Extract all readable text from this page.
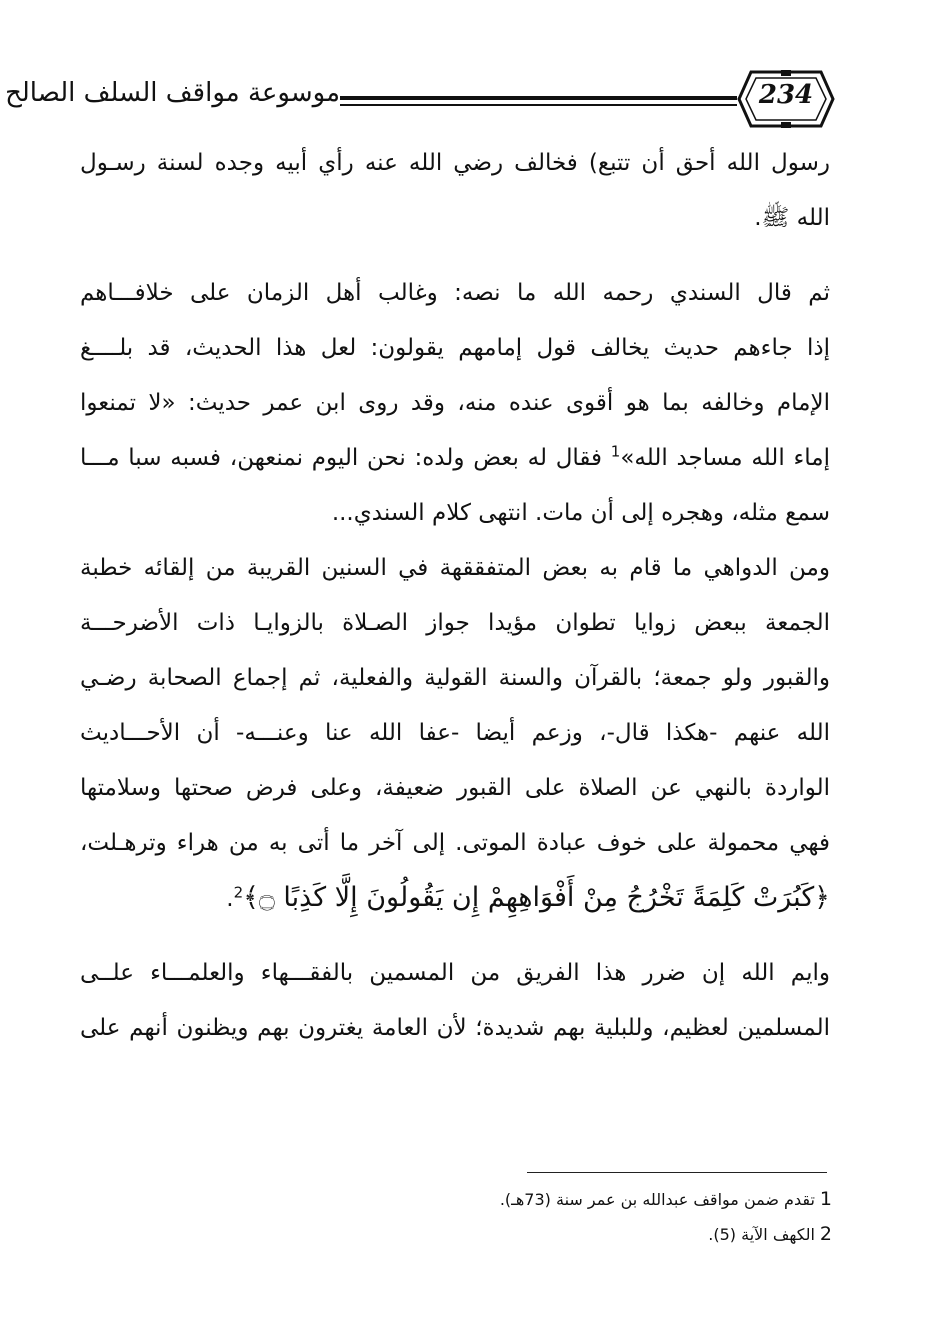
موسوعة مواقف السلف الصالح	234
رسول الله أحق أن تتبع) فخالف رضي الله عنه رأي أبيه وجده لسنة رسـول
الله ﷺ.
ثم قال السندي رحمه الله ما نصه: وغالب أهل الزمان على خلافـــاهم
إذا جاءهم حديث يخالف قول إمامهم يقولون: لعل هذا الحديث، قد بلــــغ
الإمام وخالفه بما هو أقوى عنده منه، وقد روى ابن عمر حديث: «لا تمنعوا
إماء الله مساجد الله»$^1$ فقال له بعض ولده: نحن اليوم نمنعهن، فسبه سبا مـــا
سمع مثله، وهجره إلى أن مات. انتهى كلام السندي...
ومن الدواهي ما قام به بعض المتفققهة في السنين القريبة من إلقائه خطبة
الجمعة ببعض زوايا تطوان مؤيدا جواز الصـلاة بالزوايـا ذات الأضرحـــة
والقبور ولو جمعة؛ بالقرآن والسنة القولية والفعلية، ثم إجماع الصحابة رضـي
الله عنهم -هكذا قال-، وزعم أيضا -عفا الله عنا وعنـــه- أن الأحـــاديث
الواردة بالنهي عن الصلاة على القبور ضعيفة، وعلى فرض صحتها وسلامتها
فهي محمولة على خوف عبادة الموتى. إلى آخر ما أتى به من هراء وترهـلت،
﴿كَبُرَتْ كَلِمَةً تَخْرُجُ مِنْ أَفْوَاهِهِمْ إِن يَقُولُونَ إِلَّا كَذِبًا ۝﴾$^2$.
وايم الله إن ضرر هذا الفريق من المسمين بالفقـــهاء والعلمـــاء علــى
المسلمين لعظيم، وللبلية بهم شديدة؛ لأن العامة يغترون بهم ويظنون أنهم على
1تقدم ضمن مواقف عبدالله بن عمر سنة (73هـ).
2الكهف الآية (5).
